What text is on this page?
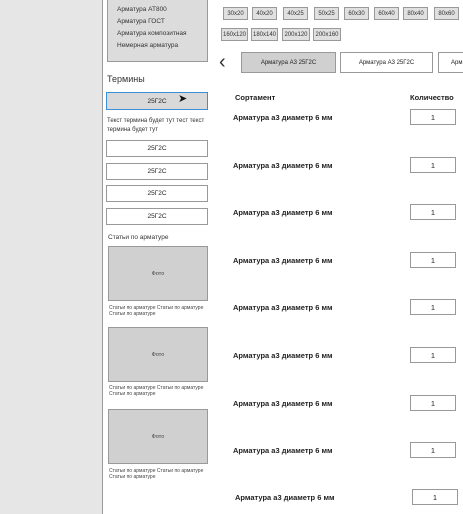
Арматура АТ800
Арматура ГОСТ
Арматура композитная
Немерная арматура
Термины
25Г2С	➤
Текст термина будет тут тест текст термина будет тут
25Г2С
25Г2С
25Г2С
25Г2С
Статьи по арматуре
Фото
Статьи по арматуре Статьи по арматуре Статьи по арматуре
Фото
Статьи по арматуре Статьи по арматуре Статьи по арматуре
Фото
Статьи по арматуре Статьи по арматуре Статьи по арматуре
30x20	40x20	40x25	50x25	60x30	60x40	80x40	80x60
160x120	180x140	200x120	200x160
‹	Арматура А3 25Г2С	Арматура А3 25Г2С	Арм
Сортамент	Количество
Арматура а3 диаметр 6 мм	1
Арматура а3 диаметр 6 мм	1
Арматура а3 диаметр 6 мм	1
Арматура а3 диаметр 6 мм	1
Арматура а3 диаметр 6 мм	1
Арматура а3 диаметр 6 мм	1
Арматура а3 диаметр 6 мм	1
Арматура а3 диаметр 6 мм	1
Арматура а3 диаметр 6 мм	1
